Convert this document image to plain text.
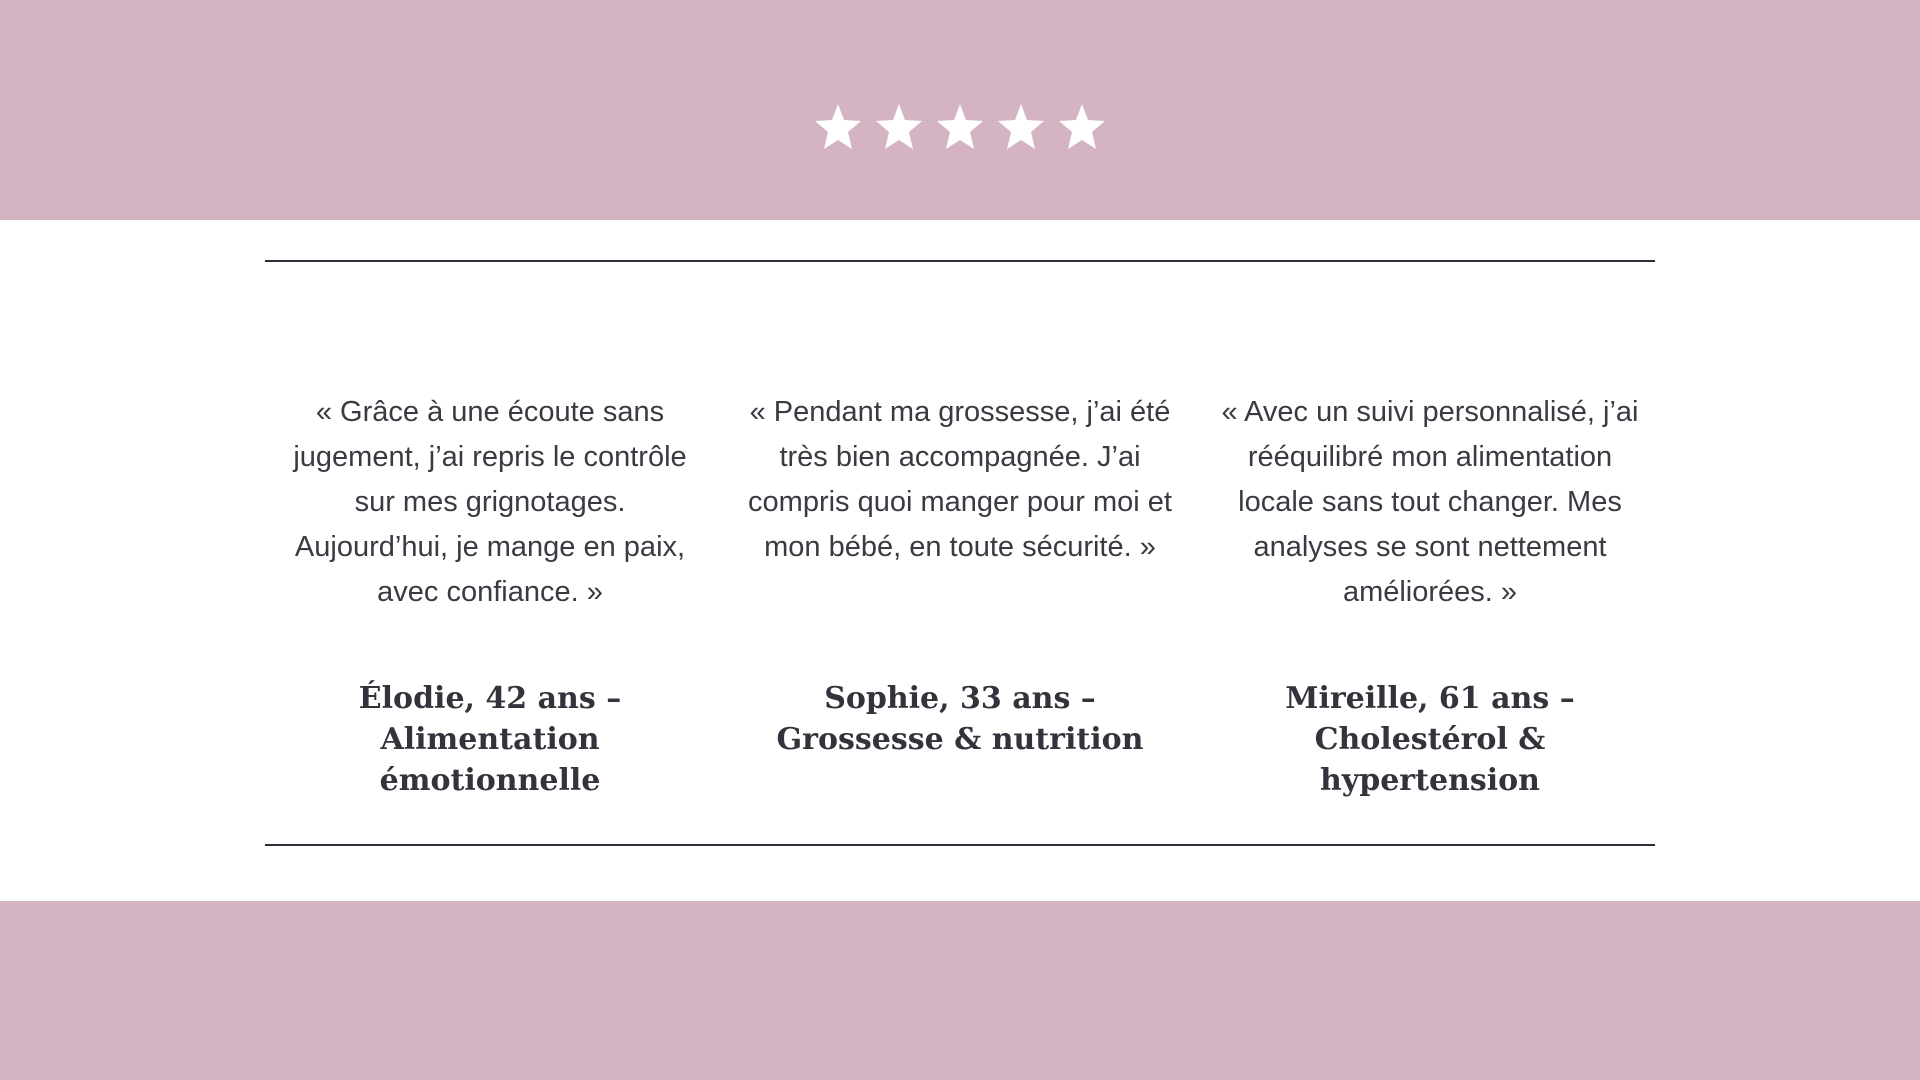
« Grâce à une écoute sans jugement, j’ai repris le contrôle sur mes grignotages. Aujourd’hui, je mange en paix, avec confiance. »

Élodie, 42 ans – Alimentation émotionnelle

« Pendant ma grossesse, j’ai été très bien accompagnée. J’ai compris quoi manger pour moi et mon bébé, en toute sécurité. »

Sophie, 33 ans – Grossesse & nutrition

« Avec un suivi personnalisé, j’ai rééquilibré mon alimentation locale sans tout changer. Mes analyses se sont nettement améliorées. »

Mireille, 61 ans – Cholestérol & hypertension
